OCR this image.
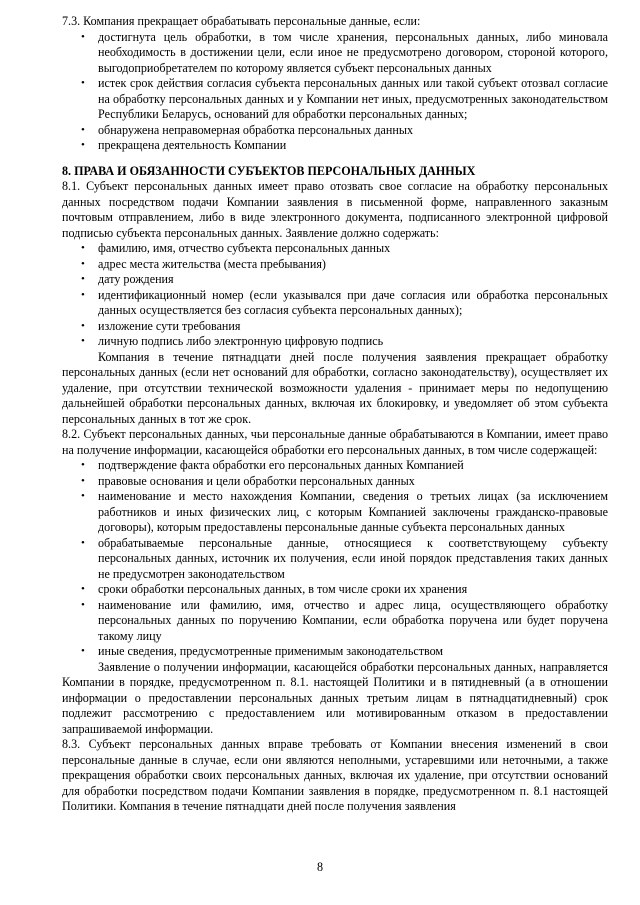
7.3. Компания прекращает обрабатывать персональные данные, если:

• достигнута цель обработки, в том числе хранения, персональных данных, либо миновала необходимость в достижении цели, если иное не предусмотрено договором, стороной которого, выгодоприобретателем по которому является субъект персональных данных
• истек срок действия согласия субъекта персональных данных или такой субъект отозвал согласие на обработку персональных данных и у Компании нет иных, предусмотренных законодательством Республики Беларусь, оснований для обработки персональных данных;
• обнаружена неправомерная обработка персональных данных
• прекращена деятельность Компании
8. ПРАВА И ОБЯЗАННОСТИ СУБЪЕКТОВ ПЕРСОНАЛЬНЫХ ДАННЫХ

8.1. Субъект персональных данных имеет право отозвать свое согласие на обработку персональных данных посредством подачи Компании заявления в письменной форме, направленного заказным почтовым отправлением, либо в виде электронного документа, подписанного электронной цифровой подписью субъекта персональных данных. Заявление должно содержать:

• фамилию, имя, отчество субъекта персональных данных
• адрес места жительства (места пребывания)
• дату рождения
• идентификационный номер (если указывался при даче согласия или обработка персональных данных осуществляется без согласия субъекта персональных данных);
• изложение сути требования
• личную подпись либо электронную цифровую подпись

Компания в течение пятнадцати дней после получения заявления прекращает обработку персональных данных (если нет оснований для обработки, согласно законодательству), осуществляет их удаление, при отсутствии технической возможности удаления - принимает меры по недопущению дальнейшей обработки персональных данных, включая их блокировку, и уведомляет об этом субъекта персональных данных в тот же срок.

8.2. Субъект персональных данных, чьи персональные данные обрабатываются в Компании, имеет право на получение информации, касающейся обработки его персональных данных, в том числе содержащей:

• подтверждение факта обработки его персональных данных Компанией
• правовые основания и цели обработки персональных данных
• наименование и место нахождения Компании, сведения о третьих лицах (за исключением работников и иных физических лиц, с которым Компанией заключены гражданско-правовые договоры), которым предоставлены персональные данные субъекта персональных данных
• обрабатываемые персональные данные, относящиеся к соответствующему субъекту персональных данных, источник их получения, если иной порядок представления таких данных не предусмотрен законодательством
• сроки обработки персональных данных, в том числе сроки их хранения
• наименование или фамилию, имя, отчество и адрес лица, осуществляющего обработку персональных данных по поручению Компании, если обработка поручена или будет поручена такому лицу
• иные сведения, предусмотренные применимым законодательством

Заявление о получении информации, касающейся обработки персональных данных, направляется Компании в порядке, предусмотренном п. 8.1. настоящей Политики и в пятидневный (а в отношении информации о предоставлении персональных данных третьим лицам в пятнадцатидневный) срок подлежит рассмотрению с предоставлением или мотивированным отказом в предоставлении запрашиваемой информации.

8.3. Субъект персональных данных вправе требовать от Компании внесения изменений в свои персональные данные в случае, если они являются неполными, устаревшими или неточными, а также прекращения обработки своих персональных данных, включая их удаление, при отсутствии оснований для обработки посредством подачи Компании заявления в порядке, предусмотренном п. 8.1 настоящей Политики. Компания в течение пятнадцати дней после получения заявления

8
